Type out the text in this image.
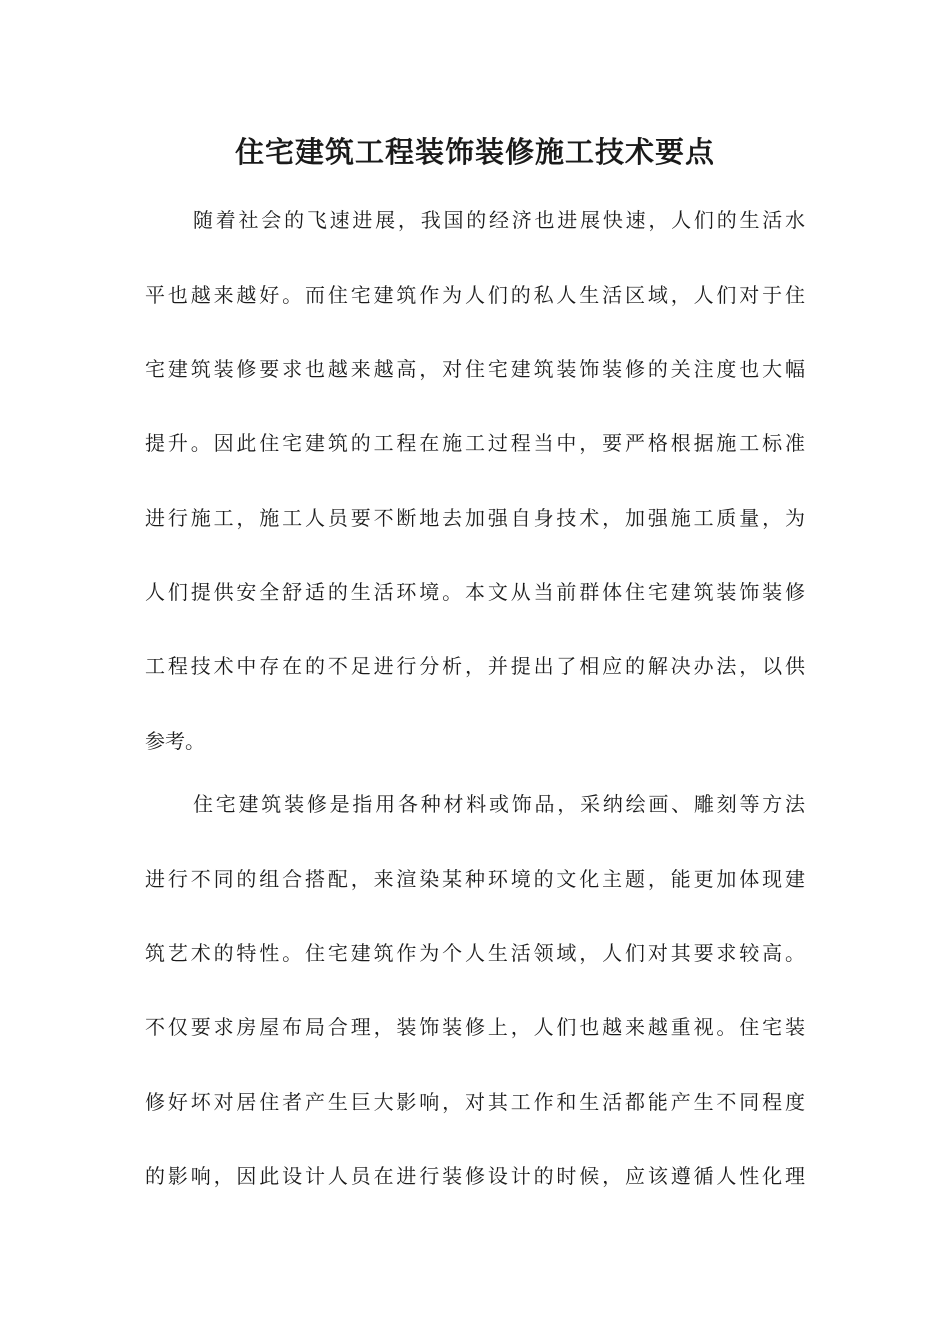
住宅建筑工程装饰装修施工技术要点
随着社会的飞速进展，我国的经济也进展快速，人们的生活水
平也越来越好。而住宅建筑作为人们的私人生活区域，人们对于住
宅建筑装修要求也越来越高，对住宅建筑装饰装修的关注度也大幅
提升。因此住宅建筑的工程在施工过程当中，要严格根据施工标准
进行施工，施工人员要不断地去加强自身技术，加强施工质量，为
人们提供安全舒适的生活环境。本文从当前群体住宅建筑装饰装修
工程技术中存在的不足进行分析，并提出了相应的解决办法，以供
参考。
住宅建筑装修是指用各种材料或饰品，采纳绘画、雕刻等方法
进行不同的组合搭配，来渲染某种环境的文化主题，能更加体现建
筑艺术的特性。住宅建筑作为个人生活领域，人们对其要求较高。
不仅要求房屋布局合理，装饰装修上，人们也越来越重视。住宅装
修好坏对居住者产生巨大影响，对其工作和生活都能产生不同程度
的影响，因此设计人员在进行装修设计的时候，应该遵循人性化理
